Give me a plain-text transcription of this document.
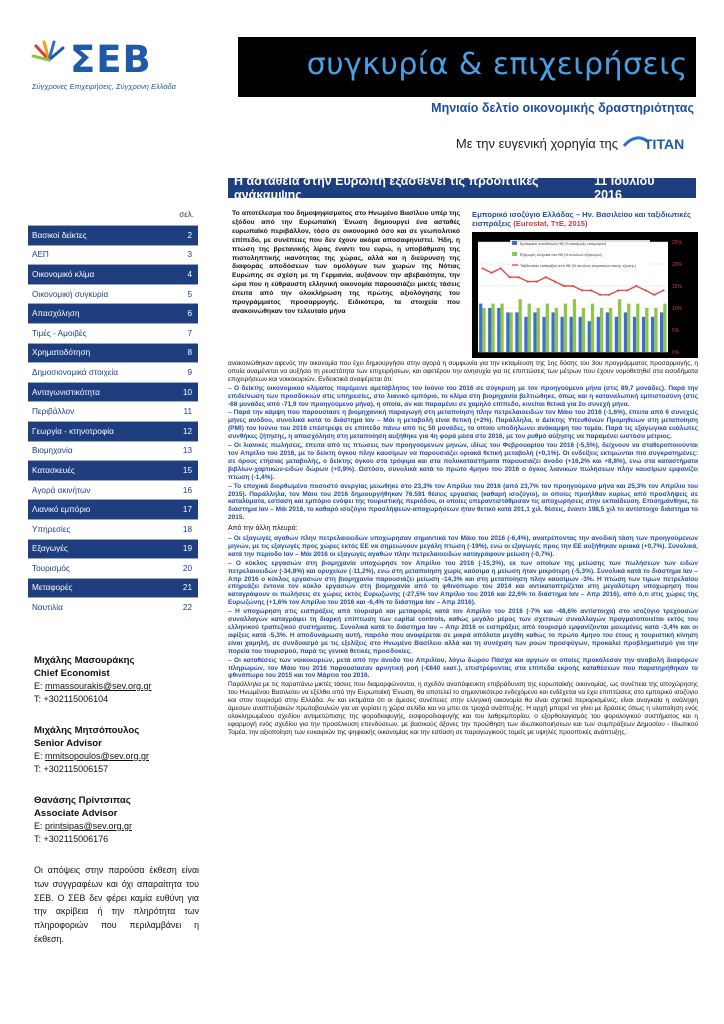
ΣΕΒ
Σύγχρονες Επιχειρήσεις, Σύγχρονη Ελλάδα
συγκυρία & επιχειρήσεις
Μηνιαίο δελτίο οικονομικής δραστηριότητας
Με την ευγενική χορηγία της TITAN
Η αστάθεια στην Ευρώπη εξασθενεί τις προοπτικές ανάκαμψης
11 Ιουλίου 2016
σελ.
Βασικοί δείκτες	2
ΑΕΠ	3
Οικονομικό κλίμα	4
Οικονομική συγκυρία	5
Απασχόληση	6
Τιμές - Αμοιβές	7
Χρηματοδότηση	8
Δημοσιονομικά στοιχεία	9
Ανταγωνιστικότητα	10
Περιβάλλον	11
Γεωργία - κτηνοτροφία	12
Βιομηχανία	13
Κατασκευές	15
Αγορά ακινήτων	16
Λιανικό εμπόριο	17
Υπηρεσίες	18
Εξαγωγές	19
Τουρισμός	20
Μεταφορές	21
Ναυτιλία	22
Μιχάλης Μασουράκης
Chief Economist
E: mmassourakis@sev.org.gr
T: +302115006104
Μιχάλης Μητσόπουλος
Senior Advisor
E: mmitsopoulos@sev.org.gr
T: +302115006157
Θανάσης Πρίντσιπας
Associate Advisor
E: printsipas@sev.org.gr
T: +302115006176
Οι απόψεις στην παρούσα έκθεση είναι των συγγραφέων και όχι απαραίτητα του ΣΕΒ. Ο ΣΕΒ δεν φέρει καμία ευθύνη για την ακρίβεια ή την πληρότητα των πληροφοριών που περιλαμβάνει η έκθεση.
Το αποτέλεσμα του δημοψηφίσματος στο Ηνωμένο Βασίλειο υπέρ της εξόδου από την Ευρωπαϊκή Ένωση δημιουργεί ένα ασταθές ευρωπαϊκό περιβάλλον, τόσο σε οικονομικό όσο και σε γεωπολιτικό επίπεδο, με συνέπειες που δεν έχουν ακόμα αποσαφηνιστεί. Ήδη, η πτώση της βρετανικής λίρας έναντι του ευρώ, η υποβάθμιση της πιστοληπτικής ικανότητας της χώρας, αλλά και η διεύρυνση της διαφοράς αποδόσεων των ομολόγων των χωρών της Νότιας Ευρώπης σε σχέση με τη Γερμανία, αυξάνουν την αβεβαιότητα, την ώρα που η εύθραυστη ελληνική οικονομία παρουσιάζει μικτές τάσεις έπειτα από την ολοκλήρωση της πρώτης αξιολόγησης του προγράμματος προσαρμογής. Ειδικότερα, τα στοιχεία που ανακοινώθηκαν τον τελευταίο μήνα
Εμπορικό ισοζύγιο Ελλάδας – Ην. Βασιλείου και ταξιδιωτικές εισπράξεις (Eurostat, ΤτΕ, 2015)
25%
20%
15%
10%
5%
0%
Εμπορικός συνέδεσμος ΗΒ (% εισαγωγές εισαγωγών)
Εξαγωγές ελληνικά στο ΗΒ (% συνόλων εξαγωγών)
Ταξιδιωτικές εισπράξεις από ΗΒ (% συνόλου τουριστικών εισπρ. εξωτερ.)

ανακοινώθηκαν αφενός την οικονομία που έχει δημιουργήσει στην αγορά η συμφωνία για την εκταμίευση της 1ης δόσης του 3ου προγράμματος προσαρμογής, η οποία αναμένεται να αυξήσει τη ρευστότητα των επιχειρήσεων, και αφετέρου την ανησυχία για τις επιπτώσεις των μέτρων που έχουν νομοθετηθεί στα εισοδήματα επιχειρήσεων και νοικοκυριών. Ενδεικτικά αναφέρεται ότι:

– Ο δείκτης οικονομικού κλίματος παρέμεινε αμετάβλητος τον Ιούνιο του 2016 σε σύγκριση με τον προηγούμενο μήνα (στις 89,7 μονάδες). Παρά την επιδείνωση των προσδοκιών στις υπηρεσίες, στο λιανικό εμπόριο, το κλίμα στη βιομηχανία βελτιώθηκε, όπως και η καταναλωτική εμπιστοσύνη (στις -68 μονάδες από -71,9 τον προηγούμενο μήνα), η οποία, αν και παραμένει σε χαμηλό επίπεδο, κινείται θετικά για 2ο συνεχή μήνα.

– Παρά την κάμψη που παρουσίασε η βιομηχανική παραγωγή στη μεταποίηση πλην πετρελαιοειδών τον Μάιο του 2016 (-1,6%), έπειτα από 6 συνεχείς μήνες ανόδου, συνολικά κατά το διάστημα Ιαν – Μάι η μεταβολή είναι θετική (+2%). Παράλληλα, ο Δείκτης Υπευθύνων Προμηθειών στη μεταποίηση (PMI) τον Ιούνιο του 2016 επέστρεψε σε επίπεδο πάνω από τις 50 μονάδες, το οποίο υποδηλώνει ανάκαμψη του τομέα. Παρά τις εξαγωγικά ευάλωτες συνθήκες ζήτησης, η απασχόληση στη μεταποίηση αυξήθηκε για 4η φορά μέσα στο 2016, με τον ρυθμό αύξησης να παραμένει ωστόσο μέτριος.

– Οι λιανικές πωλήσεις, έπειτα από τις πτώσεις των προηγούμενων μηνών, ιδίως του Φεβρουαρίου του 2016 (-5,5%), δείχνουν να σταθεροποιούνται τον Απρίλιο του 2016, με το δείκτη όγκου πλην καυσίμων να παρουσιάζει οριακά θετική μεταβολή (+0,1%). Οι ενδείξεις εκτιμώνται πιο συγκρατημένες: σε όρους ετήσιας μεταβολής, ο δείκτης όγκου στα τρόφιμα και στα πολυκαταστήματα παρουσιάζει άνοδο (+16,2% και +8,8%), ενώ στα καταστήματα βιβλίων-χαρτικών-ειδών δώρων (+0,9%). Ωστόσο, συνολικά κατά το πρώτο 4μηνο του 2016 ο όγκος λιανικών πωλήσεων πλην καυσίμων εμφανίζει πτώση (-1,4%).

– Το εποχικά διορθωμένο ποσοστό ανεργίας μειώθηκε στο 23,3% τον Απρίλιο του 2016 (από 23,7% τον προηγούμενο μήνα και 25,3% τον Απρίλιο του 2015). Παράλληλα, τον Μάιο του 2016 δημιουργήθηκαν 76.591 θέσεις εργασίας (καθαρή ισοζύγιο), οι οποίες προήλθαν κυρίως από προσλήψεις σε καταλύματα, εστίαση και εμπόριο ενόψει της τουριστικής περιόδου, οι οποίες υπεραντιστάθμισαν τις αποχωρήσεις στην εκπαίδευση. Επισημάνθηκε, το διάστημα Ιαν – Μάι 2016, το καθαρό ισοζύγιο προσλήψεων-αποχωρήσεων ήταν θετικό κατά 201,1 χιλ. θέσεις, έναντι 198,5 χιλ το αντίστοιχο διάστημα το 2015.

Από την άλλη πλευρά:

– Οι εξαγωγές αγαθών πλην πετρελαιοειδών υποχώρησαν σημαντικά τον Μάιο του 2016 (-6,4%), ανατρέποντας την ανοδική τάση των προηγούμενων μηνών, με τις εξαγωγές προς χώρες εκτός ΕΕ να σημειώνουν μεγάλη πτώση (-19%), ενώ οι εξαγωγές προς την ΕΕ αυξήθηκαν οριακά (+0,7%). Συνολικά, κατά την περίοδο Ιαν – Μάι 2016 οι εξαγωγές αγαθών πλην πετρελαιοειδών καταγράφουν μείωση (-0,7%).

– Ο κύκλος εργασιών στη βιομηχανία υποχώρησε τον Απρίλιο του 2016 (-15,3%), εκ των οποίων της μείωσης των πωλήσεων των ειδών πετρελαιοειδών (-34,8%) και ορυχείων (-11,2%), ενώ στη μεταποίηση χωρίς καύσιμα η μείωση ήταν μικρότερη (-5,3%). Συνολικά κατά το διάστημα Ιαν – Απρ 2016 ο κύκλος εργασιών στη βιομηχανία παρουσιάζει μείωση -14,3% και στη μεταποίηση πλην καυσίμων -3%. Η πτώση των τιμών πετρελαίου επηρεάζει έντονα τον κύκλο εργασιών στη βιομηχανία από το φθινόπωρο του 2014 και αντικατοπτρίζεται στη μεγαλύτερη υποχώρηση που καταγράφουν οι πωλήσεις σε χώρες εκτός Ευρωζώνης (-27,5% τον Απρίλιο του 2016 και 22,6% το διάστημα Ιαν – Απρ 2016), από ό,τι στις χώρες της Ευρωζώνης (+1,6% τον Απρίλιο του 2016 και -6,4% το διάστημα Ιαν – Απρ 2016).

– Η υποχώρηση στις εισπράξεις από τουρισμό και μεταφορές κατά τον Απρίλιο του 2016 (-7% και -48,6% αντίστοιχα) στο ισοζύγιο τρεχουσών συναλλαγών καταγράφει τη διαρκή επίπτωση των capital controls, καθώς μεγάλο μέρος των σχετικών συναλλαγών πραγματοποιείται εκτός του ελληνικού τραπεζικού συστήματος. Συνολικά κατά το διάστημα Ιαν – Απρ 2016 οι εισπράξεις από τουρισμό εμφανίζονται μειωμένες κατά -3,4% και οι αφίξεις κατά -5,3%. Η αποδυνάμωση αυτή, παρόλο που αναφέρεται σε μικρά απόλυτα μεγέθη καθώς το πρώτο 4μηνο του έτους η τουριστική κίνηση είναι χαμηλή, σε συνδυασμό με τις εξελίξεις στο Ηνωμένο Βασίλειο αλλά και τη συνέχιση των ροών προσφύγων, προκαλεί προβληματισμό για την πορεία του τουρισμού, παρά τις γενικά θετικές προσδοκίες.

– Οι καταθέσεις των νοικοκυριών, μετά από την άνοδο του Απριλίου, λόγω δώρου Πάσχα και αργιών οι οποίες προκάλεσαν την αναβολή διαφόρων πληρωμών, τον Μάιο του 2016 παρουσίασαν αρνητική ροή (-€840 εκατ.), επιστρέφοντας στα επίπεδα εκροής καταθέσεων που παρατηρήθηκαν το φθινόπωρο του 2015 και τον Μάρτιο του 2016.

Παράλληλα με τις παραπάνω μικτές τάσεις που διαμορφώνονται, η σχεδόν αναπόφευκτη επιβράδυνση της ευρωπαϊκής οικονομίας, ως συνέπεια της αποχώρησης του Ηνωμένου Βασιλείου να εξέλθει από την Ευρωπαϊκή Ένωση, θα αποτελεί το σημαντικότερο ενδεχόμενο και ενδέχεται να έχει επιπτώσεις στο εμπορικό ισοζύγιο και στον τουρισμό στην Ελλάδα. Αν και εκτιμάται ότι οι άμεσες συνέπειες στην ελληνική οικονομία θα είναι σχετικά περιορισμένες, είναι αναγκαία η ανάληψη άμεσων αναπτυξιακών πρωτοβουλιών για να γυρίσει η χώρα σελίδα και να μπει σε τροχιά ανάπτυξης. Η αρχή μπορεί να γίνει με δράσεις όπως η υλοποίηση ενός ολοκληρωμένου σχεδίου αντιμετώπισης της φοροδιαφυγής, εισφοροδιαφυγής και του λαθρεμπορίου, ο εξορθολογισμός του φορολογικού συστήματος και η εφαρμογή ενός σχεδίου για την προσέλκυση επενδύσεων, με βασικούς άξονες την προώθηση των ιδιωτικοποιήσεων και των συμπράξεων Δημοσίου - Ιδιωτικού Τομέα, την αξιοποίηση των ευκαιριών της ψηφιακής οικονομίας και την εστίαση σε παραγωγικούς τομείς με υψηλές προοπτικές ανάπτυξης.
